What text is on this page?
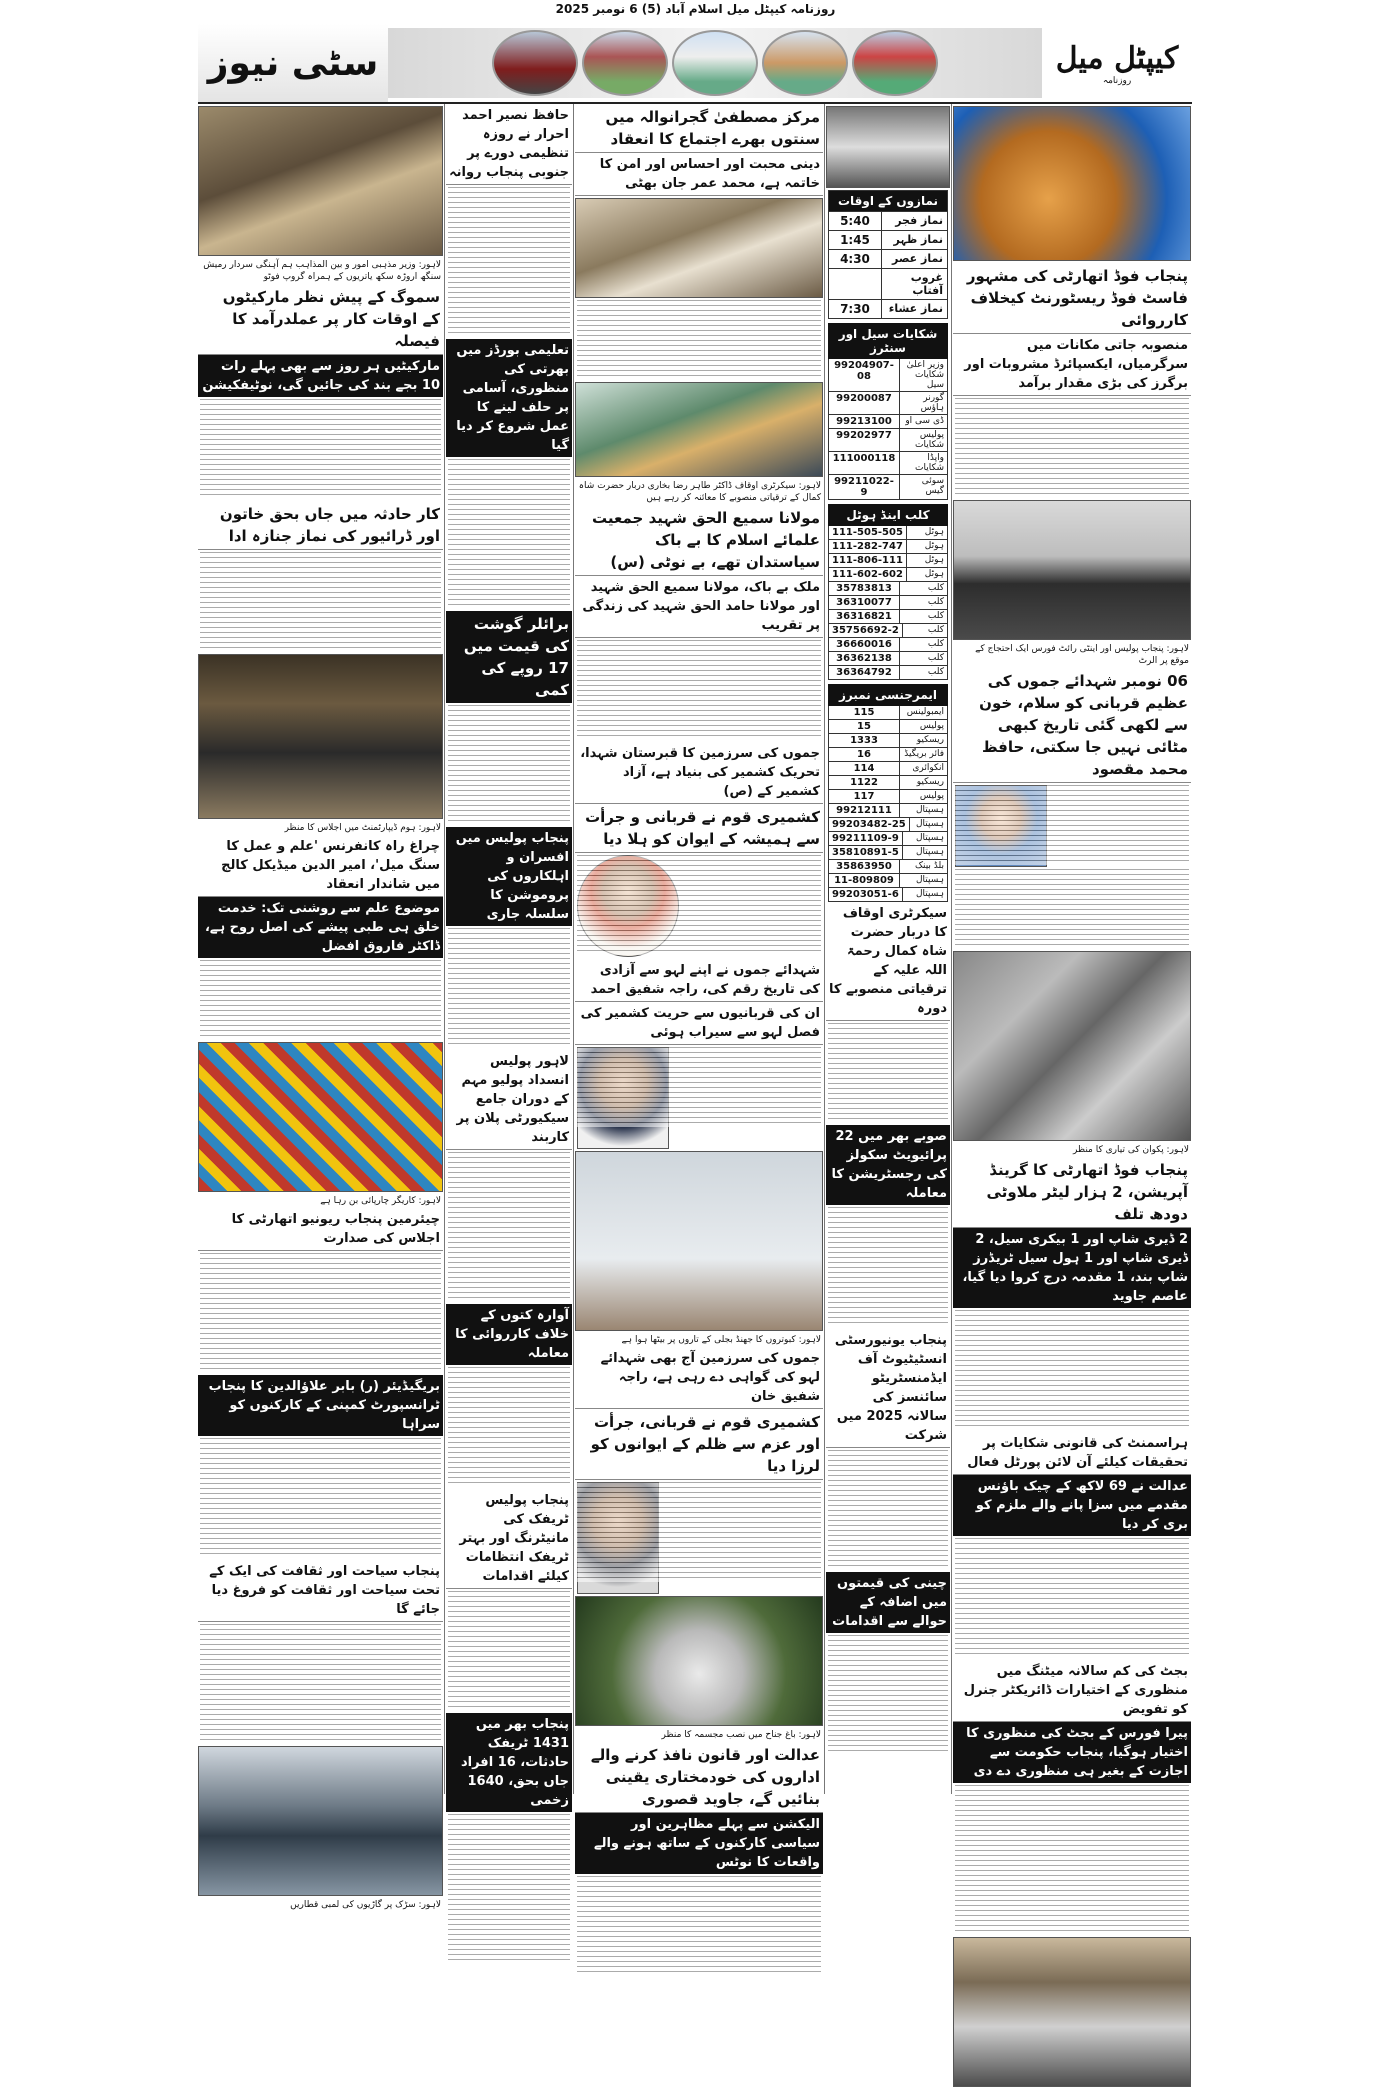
روزنامہ کیپٹل میل اسلام آباد (5) 6 نومبر 2025
کیپٹل میل
روزنامہ
سٹی نیوز
پنجاب فوڈ اتھارٹی کی مشہور فاسٹ فوڈ ریسٹورنٹ کیخلاف کارروائی
منصوبہ جاتی مکانات میں سرگرمیاں، ایکسپائرڈ مشروبات اور برگرز کی بڑی مقدار برآمد
لاہور: پنجاب پولیس اور اینٹی رائٹ فورس ایک احتجاج کے موقع پر الرٹ
06 نومبر شہدائے جموں کی عظیم قربانی کو سلام، خون سے لکھی گئی تاریخ کبھی مٹائی نہیں جا سکتی، حافظ محمد مقصود
لاہور: پکوان کی تیاری کا منظر
پنجاب فوڈ اتھارٹی کا گرینڈ آپریشن، 2 ہزار لیٹر ملاوٹی دودھ تلف
2 ڈیری شاپ اور 1 بیکری سیل، 2 ڈیری شاپ اور 1 ہول سیل ٹریڈرز شاپ بند، 1 مقدمہ درج کروا دیا گیا، عاصم جاوید
ہراسمنٹ کی قانونی شکایات پر تحقیقات کیلئے آن لائن پورٹل فعال
عدالت نے 69 لاکھ کے چیک باؤنس مقدمے میں سزا پانے والے ملزم کو بری کر دیا
بجٹ کی کم سالانہ میٹنگ میں منظوری کے اختیارات ڈائریکٹر جنرل کو تفویض
پیرا فورس کے بجٹ کی منظوری کا اختیار ہوگیا، پنجاب حکومت سے اجازت کے بغیر ہی منظوری دے دی
نمازوں کے اوقات
نماز فجر
5:40
نماز ظہر
1:45
نماز عصر
4:30
غروب آفتاب
نماز عشاء
7:30
شکایات سیل اور سنٹرز
وزیر اعلیٰ شکایات سیل
99204907-08
گورنر ہاؤس
99200087
ڈی سی او
99213100
پولیس شکایات
99202977
واپڈا شکایات
111000118
سوئی گیس
99211022-9
کلب اینڈ ہوٹل
ہوٹل
111-505-505
ہوٹل
111-282-747
ہوٹل
111-806-111
ہوٹل
111-602-602
کلب
35783813
کلب
36310077
کلب
36316821
کلب
35756692-2
کلب
36660016
کلب
36362138
کلب
36364792
ایمرجنسی نمبرز
ایمبولینس
115
پولیس
15
ریسکیو
1333
فائر بریگیڈ
16
انکوائری
114
ریسکیو
1122
پولیس
117
ہسپتال
99212111
ہسپتال
99203482-25
ہسپتال
99211109-9
ہسپتال
35810891-5
بلڈ بینک
35863950
ہسپتال
11-809809
ہسپتال
99203051-6
سیکرٹری اوقاف کا دربار حضرت شاہ کمال رحمۃ اللہ علیہ کے ترقیاتی منصوبے کا دورہ
صوبے بھر میں 22 پرائیویٹ سکولز کی رجسٹریشن کا معاملہ
پنجاب یونیورسٹی انسٹیٹیوٹ آف ایڈمنسٹریٹو سائنسز کی سالانہ 2025 میں شرکت
چینی کی قیمتوں میں اضافہ کے حوالے سے اقدامات
مرکز مصطفیٰ گجرانوالہ میں سنتوں بھرے اجتماع کا انعقاد
دینی محبت اور احساس اور امن کا خاتمہ ہے، محمد عمر جان بھٹی
لاہور: سیکرٹری اوقاف ڈاکٹر طاہر رضا بخاری دربار حضرت شاہ کمال کے ترقیاتی منصوبے کا معائنہ کر رہے ہیں
مولانا سمیع الحق شہید جمعیت علمائے اسلام کا بے باک سیاستدان تھے، بے نوٹی (س)
ملک بے باک، مولانا سمیع الحق شہید اور مولانا حامد الحق شہید کی زندگی پر تقریب
جموں کی سرزمین کا قبرستان شہدا، تحریک کشمیر کی بنیاد ہے، آزاد کشمیر کے (ص)
کشمیری قوم نے قربانی و جرأت سے ہمیشہ کے ایوان کو ہلا دیا
شہدائے جموں نے اپنے لہو سے آزادی کی تاریخ رقم کی، راجہ شفیق احمد
ان کی قربانیوں سے حریت کشمیر کی فصل لہو سے سیراب ہوئی
لاہور: کبوتروں کا جھنڈ بجلی کے تاروں پر بیٹھا ہوا ہے
جموں کی سرزمین آج بھی شہدائے لہو کی گواہی دے رہی ہے، راجہ شفیق خان
کشمیری قوم نے قربانی، جرأت اور عزم سے ظلم کے ایوانوں کو لرزا دیا
لاہور: باغ جناح میں نصب مجسمہ کا منظر
عدالت اور قانون نافذ کرنے والے اداروں کی خودمختاری یقینی بنائیں گے، جاوید قصوری
الیکشن سے پہلے مظاہرین اور سیاسی کارکنوں کے ساتھ ہونے والے واقعات کا نوٹس
حافظ نصیر احمد احرار نے روزہ تنظیمی دورے پر جنوبی پنجاب روانہ
تعلیمی بورڈز میں بھرتی کی منظوری، آسامی پر حلف لینے کا عمل شروع کر دیا گیا
برائلر گوشت کی قیمت میں 17 روپے کی کمی
پنجاب پولیس میں افسران و اہلکاروں کی پروموشن کا سلسلہ جاری
لاہور پولیس انسداد پولیو مہم کے دوران جامع سیکیورٹی پلان پر کاربند
آوارہ کتوں کے خلاف کارروائی کا معاملہ
پنجاب پولیس ٹریفک کی مانیٹرنگ اور بہتر ٹریفک انتظامات کیلئے اقدامات
پنجاب بھر میں 1431 ٹریفک حادثات، 16 افراد جاں بحق، 1640 زخمی
لاہور: وزیر مذہبی امور و بین المذاہب ہم آہنگی سردار رمیش سنگھ اروڑہ سکھ یاتریوں کے ہمراہ گروپ فوٹو
سموگ کے پیش نظر مارکیٹوں کے اوقات کار پر عملدرآمد کا فیصلہ
مارکیٹیں ہر روز سے بھی پہلے رات 10 بجے بند کی جائیں گی، نوٹیفکیشن
کار حادثہ میں جاں بحق خاتون اور ڈرائیور کی نماز جنازہ ادا
لاہور: ہوم ڈیپارٹمنٹ میں اجلاس کا منظر
چراغ راہ کانفرنس 'علم و عمل کا سنگ میل'، امیر الدین میڈیکل کالج میں شاندار انعقاد
موضوع علم سے روشنی تک: خدمت خلق ہی طبی پیشے کی اصل روح ہے، ڈاکٹر فاروق افضل
لاہور: کاریگر چارپائی بن رہا ہے
چیئرمین پنجاب ریونیو اتھارٹی کا اجلاس کی صدارت
بریگیڈیئر (ر) بابر علاؤالدین کا پنجاب ٹرانسپورٹ کمپنی کے کارکنوں کو سراہا
پنجاب سیاحت اور ثقافت کی ایک کے تحت سیاحت اور ثقافت کو فروغ دیا جائے گا
لاہور: سڑک پر گاڑیوں کی لمبی قطاریں
